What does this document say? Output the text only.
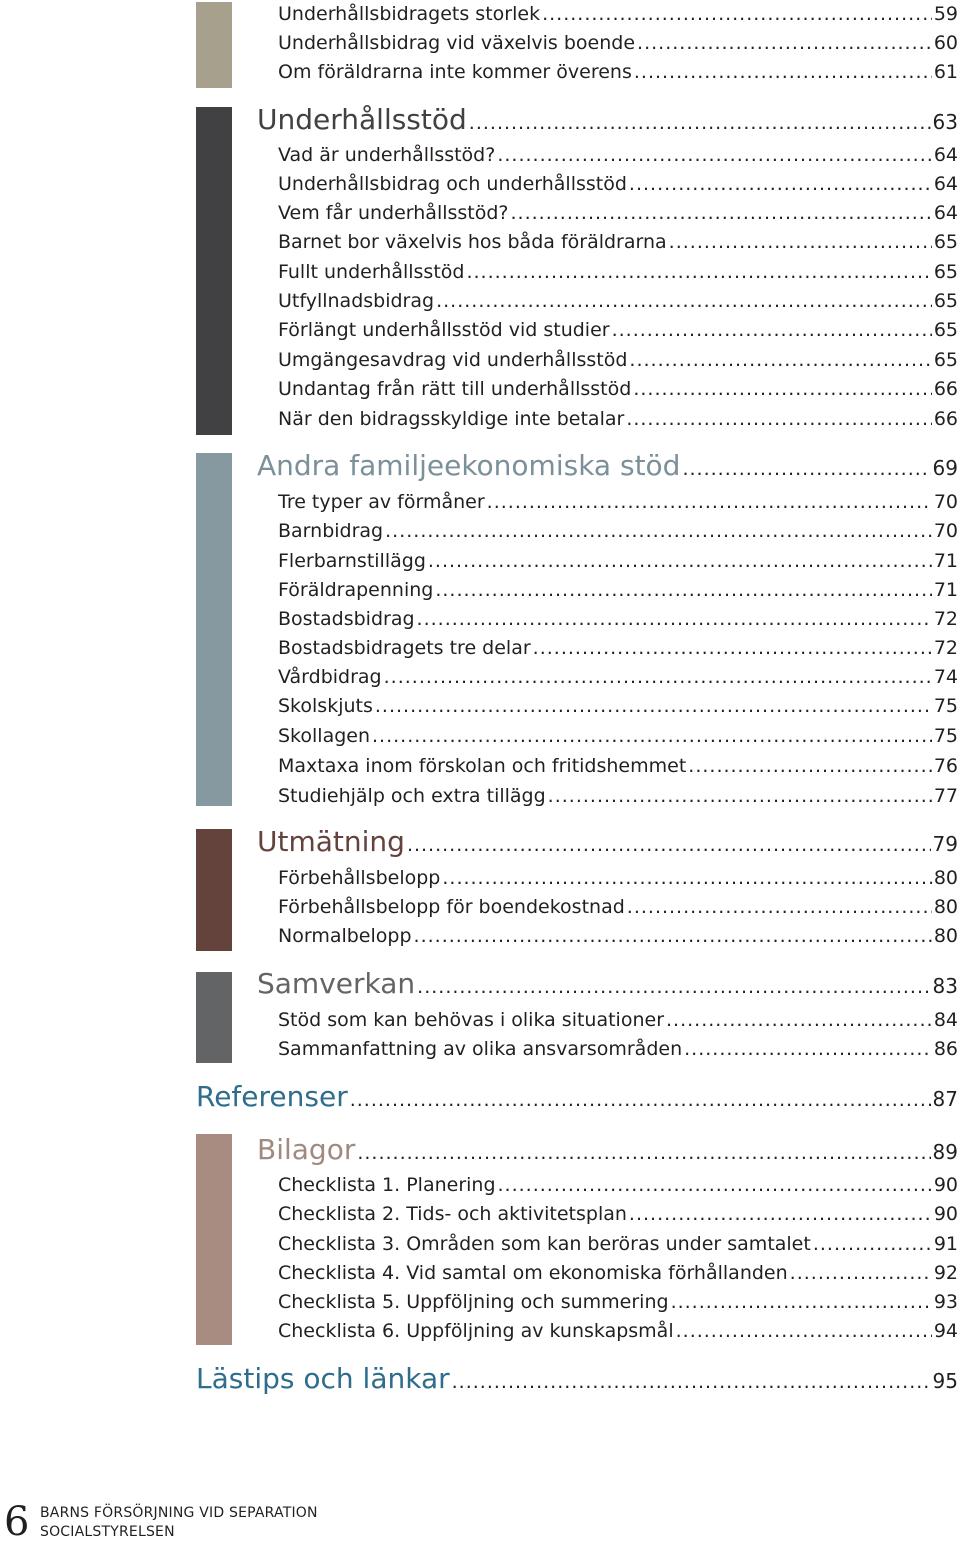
Underhållsbidragets storlek .....	59
Underhållsbidrag vid växelvis boende .....	60
Om föräldrarna inte kommer överens .....	61
Underhållsstöd .....	63
Vad är underhållsstöd? .....	64
Underhållsbidrag och underhållsstöd .....	64
Vem får underhållsstöd? .....	64
Barnet bor växelvis hos båda föräldrarna .....	65
Fullt underhållsstöd .....	65
Utfyllnadsbidrag .....	65
Förlängt underhållsstöd vid studier .....	65
Umgängesavdrag vid underhållsstöd .....	65
Undantag från rätt till underhållsstöd .....	66
När den bidragsskyldige inte betalar .....	66
Andra familjeekonomiska stöd .....	69
Tre typer av förmåner .....	70
Barnbidrag .....	70
Flerbarnstillägg .....	71
Föräldrapenning .....	71
Bostadsbidrag .....	72
Bostadsbidragets tre delar .....	72
Vårdbidrag .....	74
Skolskjuts .....	75
Skollagen .....	75
Maxtaxa inom förskolan och fritidshemmet .....	76
Studiehjälp och extra tillägg .....	77
Utmätning .....	79
Förbehållsbelopp .....	80
Förbehållsbelopp för boendekostnad .....	80
Normalbelopp .....	80
Samverkan .....	83
Stöd som kan behövas i olika situationer .....	84
Sammanfattning av olika ansvarsområden .....	86
Referenser .....	87
Bilagor .....	89
Checklista 1. Planering .....	90
Checklista 2. Tids- och aktivitetsplan .....	90
Checklista 3. Områden som kan beröras under samtalet .....	91
Checklista 4. Vid samtal om ekonomiska förhållanden .....	92
Checklista 5. Uppföljning och summering .....	93
Checklista 6. Uppföljning av kunskapsmål .....	94
Lästips och länkar .....	95
6 BARNS FÖRSÖRJNING VID SEPARATION
SOCIALSTYRELSEN
